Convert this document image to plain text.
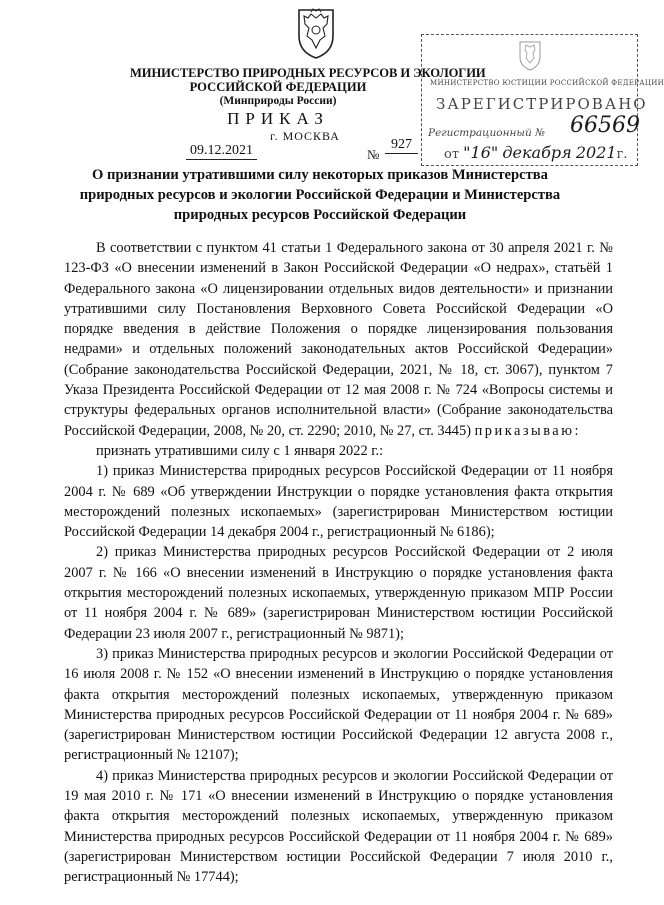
МИНИСТЕРСТВО ПРИРОДНЫХ РЕСУРСОВ И ЭКОЛОГИИ
РОССИЙСКОЙ ФЕДЕРАЦИИ
(Минприроды России)
ПРИКАЗ
г. МОСКВА
09.12.2021	№
927
МИНИСТЕРСТВО ЮСТИЦИИ РОССИЙСКОЙ ФЕДЕРАЦИИ
ЗАРЕГИСТРИРОВАНО
Регистрационный № 66569
от "16" декабря 2021г.
О признании утратившими силу некоторых приказов Министерства природных ресурсов и экологии Российской Федерации и Министерства природных ресурсов Российской Федерации

В соответствии с пунктом 41 статьи 1 Федерального закона от 30 апреля 2021 г. № 123-ФЗ «О внесении изменений в Закон Российской Федерации «О недрах», статьёй 1 Федерального закона «О лицензировании отдельных видов деятельности» и признании утратившими силу Постановления Верховного Совета Российской Федерации «О порядке введения в действие Положения о порядке лицензирования пользования недрами» и отдельных положений законодательных актов Российской Федерации» (Собрание законодательства Российской Федерации, 2021, № 18, ст. 3067), пунктом 7 Указа Президента Российской Федерации от 12 мая 2008 г. № 724 «Вопросы системы и структуры федеральных органов исполнительной власти» (Собрание законодательства Российской Федерации, 2008, № 20, ст. 2290; 2010, № 27, ст. 3445) приказываю:

признать утратившими силу с 1 января 2022 г.:

1) приказ Министерства природных ресурсов Российской Федерации от 11 ноября 2004 г. № 689 «Об утверждении Инструкции о порядке установления факта открытия месторождений полезных ископаемых» (зарегистрирован Министерством юстиции Российской Федерации 14 декабря 2004 г., регистрационный № 6186);

2) приказ Министерства природных ресурсов Российской Федерации от 2 июля 2007 г. № 166 «О внесении изменений в Инструкцию о порядке установления факта открытия месторождений полезных ископаемых, утвержденную приказом МПР России от 11 ноября 2004 г. № 689» (зарегистрирован Министерством юстиции Российской Федерации 23 июля 2007 г., регистрационный № 9871);

3) приказ Министерства природных ресурсов и экологии Российской Федерации от 16 июля 2008 г. № 152 «О внесении изменений в Инструкцию о порядке установления факта открытия месторождений полезных ископаемых, утвержденную приказом Министерства природных ресурсов Российской Федерации от 11 ноября 2004 г. № 689» (зарегистрирован Министерством юстиции Российской Федерации 12 августа 2008 г., регистрационный № 12107);

4) приказ Министерства природных ресурсов и экологии Российской Федерации от 19 мая 2010 г. № 171 «О внесении изменений в Инструкцию о порядке установления факта открытия месторождений полезных ископаемых, утвержденную приказом Министерства природных ресурсов Российской Федерации от 11 ноября 2004 г. № 689» (зарегистрирован Министерством юстиции Российской Федерации 7 июля 2010 г., регистрационный № 17744);
